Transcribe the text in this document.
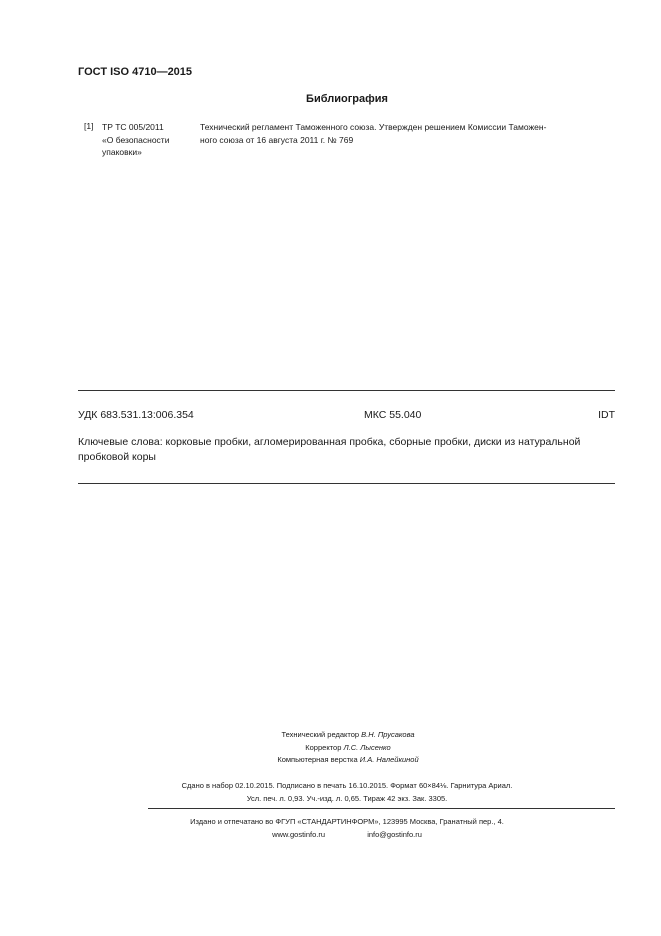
ГОСТ ISO 4710—2015
Библиография
[1] ТР ТС 005/2011
«О безопасности
упаковки»
Технический регламент Таможенного союза. Утвержден решением Комиссии Таможен-
ного союза от 16 августа 2011 г. № 769
УДК 683.531.13:006.354	МКС 55.040	IDT
Ключевые слова: корковые пробки, агломерированная пробка, сборные пробки, диски из натуральной
пробковой коры
Технический редактор В.Н. Прусакова
Корректор Л.С. Лысенко
Компьютерная верстка И.А. Налейкиной
Сдано в набор 02.10.2015. Подписано в печать 16.10.2015. Формат 60×84⅛. Гарнитура Ариал.
Усл. печ. л. 0,93. Уч.-изд. л. 0,65. Тираж 42 экз. Зак. 3305.
Издано и отпечатано во ФГУП «СТАНДАРТИНФОРМ», 123995 Москва, Гранатный пер., 4.
www.gostinfo.ru	info@gostinfo.ru
